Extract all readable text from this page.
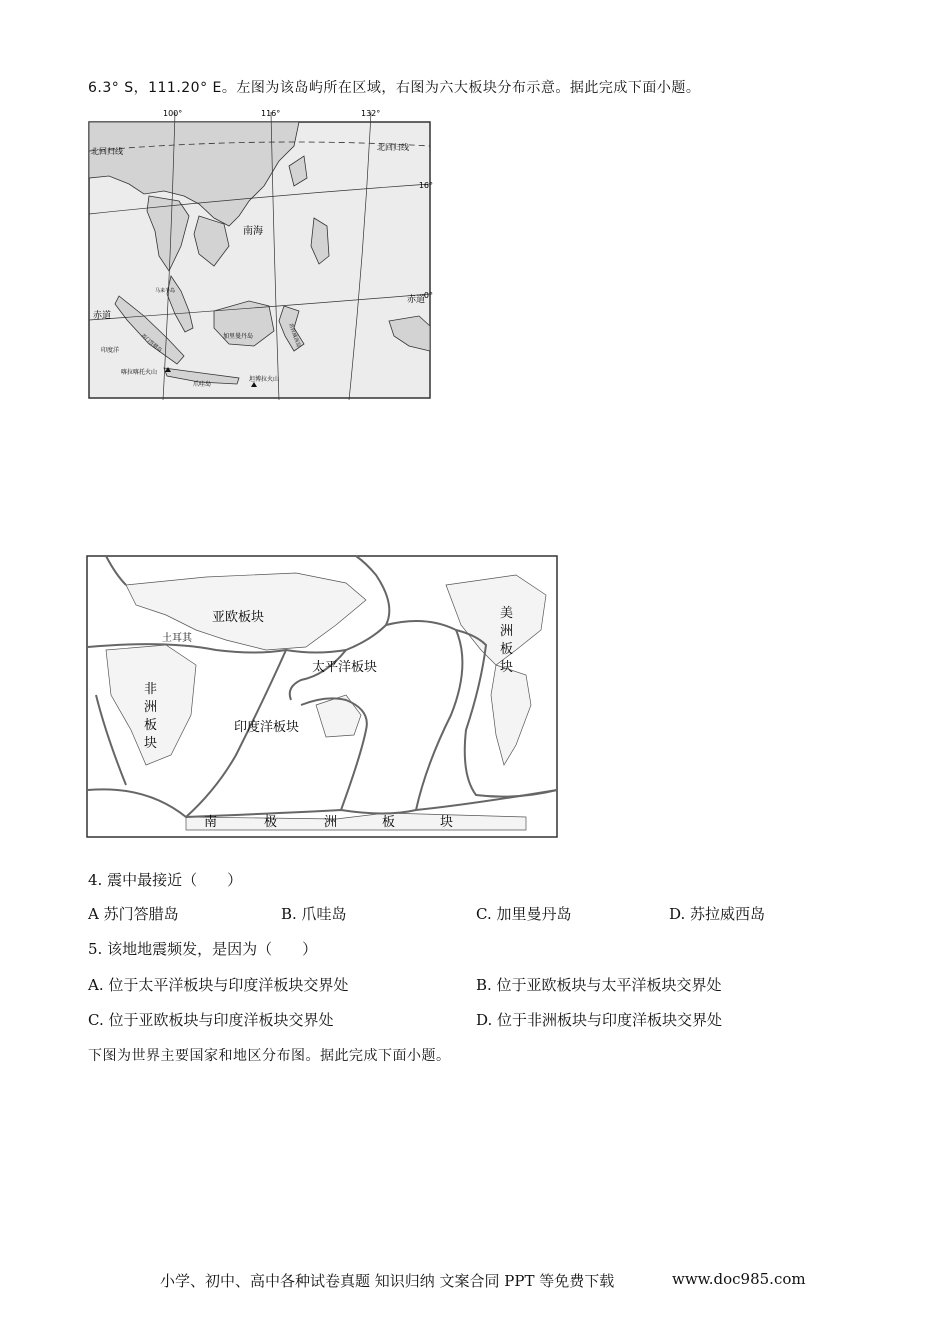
6.3° S，111.20° E。左图为该岛屿所在区域，右图为六大板块分布示意。据此完成下面小题。
100°	116°	132°
16°
0°
北回归线	北回归线
赤道
赤道
南海
马来半岛
苏门答腊岛	加里曼丹岛	苏拉威西岛
印度洋
喀拉喀托火山
爪哇岛
坦博拉火山
亚欧板块
土耳其
太平洋板块
印度洋板块
美
洲
板
块
非
洲
板
块
南	极	洲	板	块
4. 震中最接近（　　）
A 苏门答腊岛	B. 爪哇岛	C. 加里曼丹岛	D. 苏拉威西岛
5. 该地地震频发，是因为（　　）
A. 位于太平洋板块与印度洋板块交界处	B. 位于亚欧板块与太平洋板块交界处
C. 位于亚欧板块与印度洋板块交界处	D. 位于非洲板块与印度洋板块交界处
下图为世界主要国家和地区分布图。据此完成下面小题。
小学、初中、高中各种试卷真题 知识归纳 文案合同 PPT 等免费下载	www.doc985.com
